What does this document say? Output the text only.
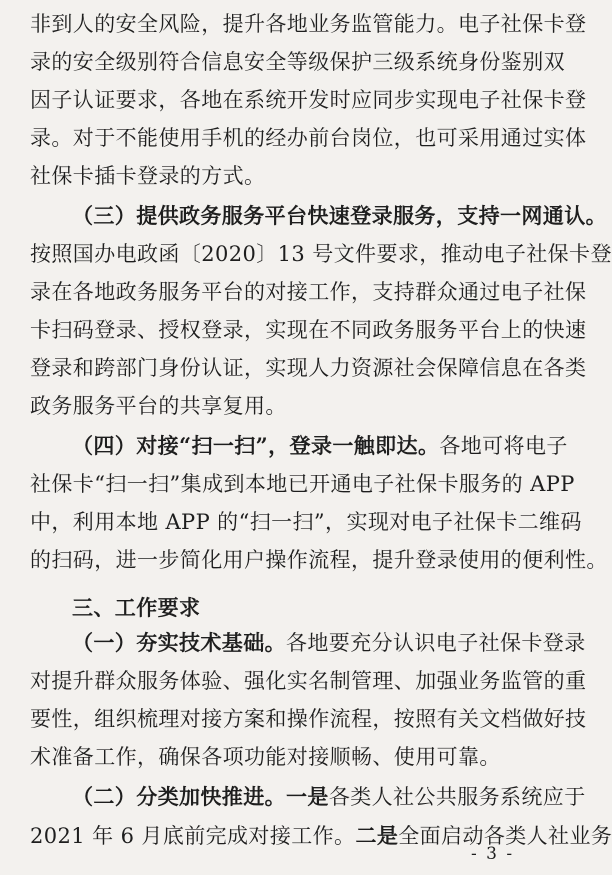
非到人的安全风险，提升各地业务监管能力。电子社保卡登
录的安全级别符合信息安全等级保护三级系统身份鉴别双
因子认证要求，各地在系统开发时应同步实现电子社保卡登
录。对于不能使用手机的经办前台岗位，也可采用通过实体
社保卡插卡登录的方式。
（三）提供政务服务平台快速登录服务，支持一网通认。
按照国办电政函〔2020〕13 号文件要求，推动电子社保卡登
录在各地政务服务平台的对接工作，支持群众通过电子社保
卡扫码登录、授权登录，实现在不同政务服务平台上的快速
登录和跨部门身份认证，实现人力资源社会保障信息在各类
政务服务平台的共享复用。
（四）对接“扫一扫”，登录一触即达。各地可将电子
社保卡“扫一扫”集成到本地已开通电子社保卡服务的 APP
中，利用本地 APP 的“扫一扫”，实现对电子社保卡二维码
的扫码，进一步简化用户操作流程，提升登录使用的便利性。
三、工作要求
（一）夯实技术基础。各地要充分认识电子社保卡登录
对提升群众服务体验、强化实名制管理、加强业务监管的重
要性，组织梳理对接方案和操作流程，按照有关文档做好技
术准备工作，确保各项功能对接顺畅、使用可靠。
（二）分类加快推进。一是各类人社公共服务系统应于
2021 年 6 月底前完成对接工作。二是全面启动各类人社业务
- 3 -
